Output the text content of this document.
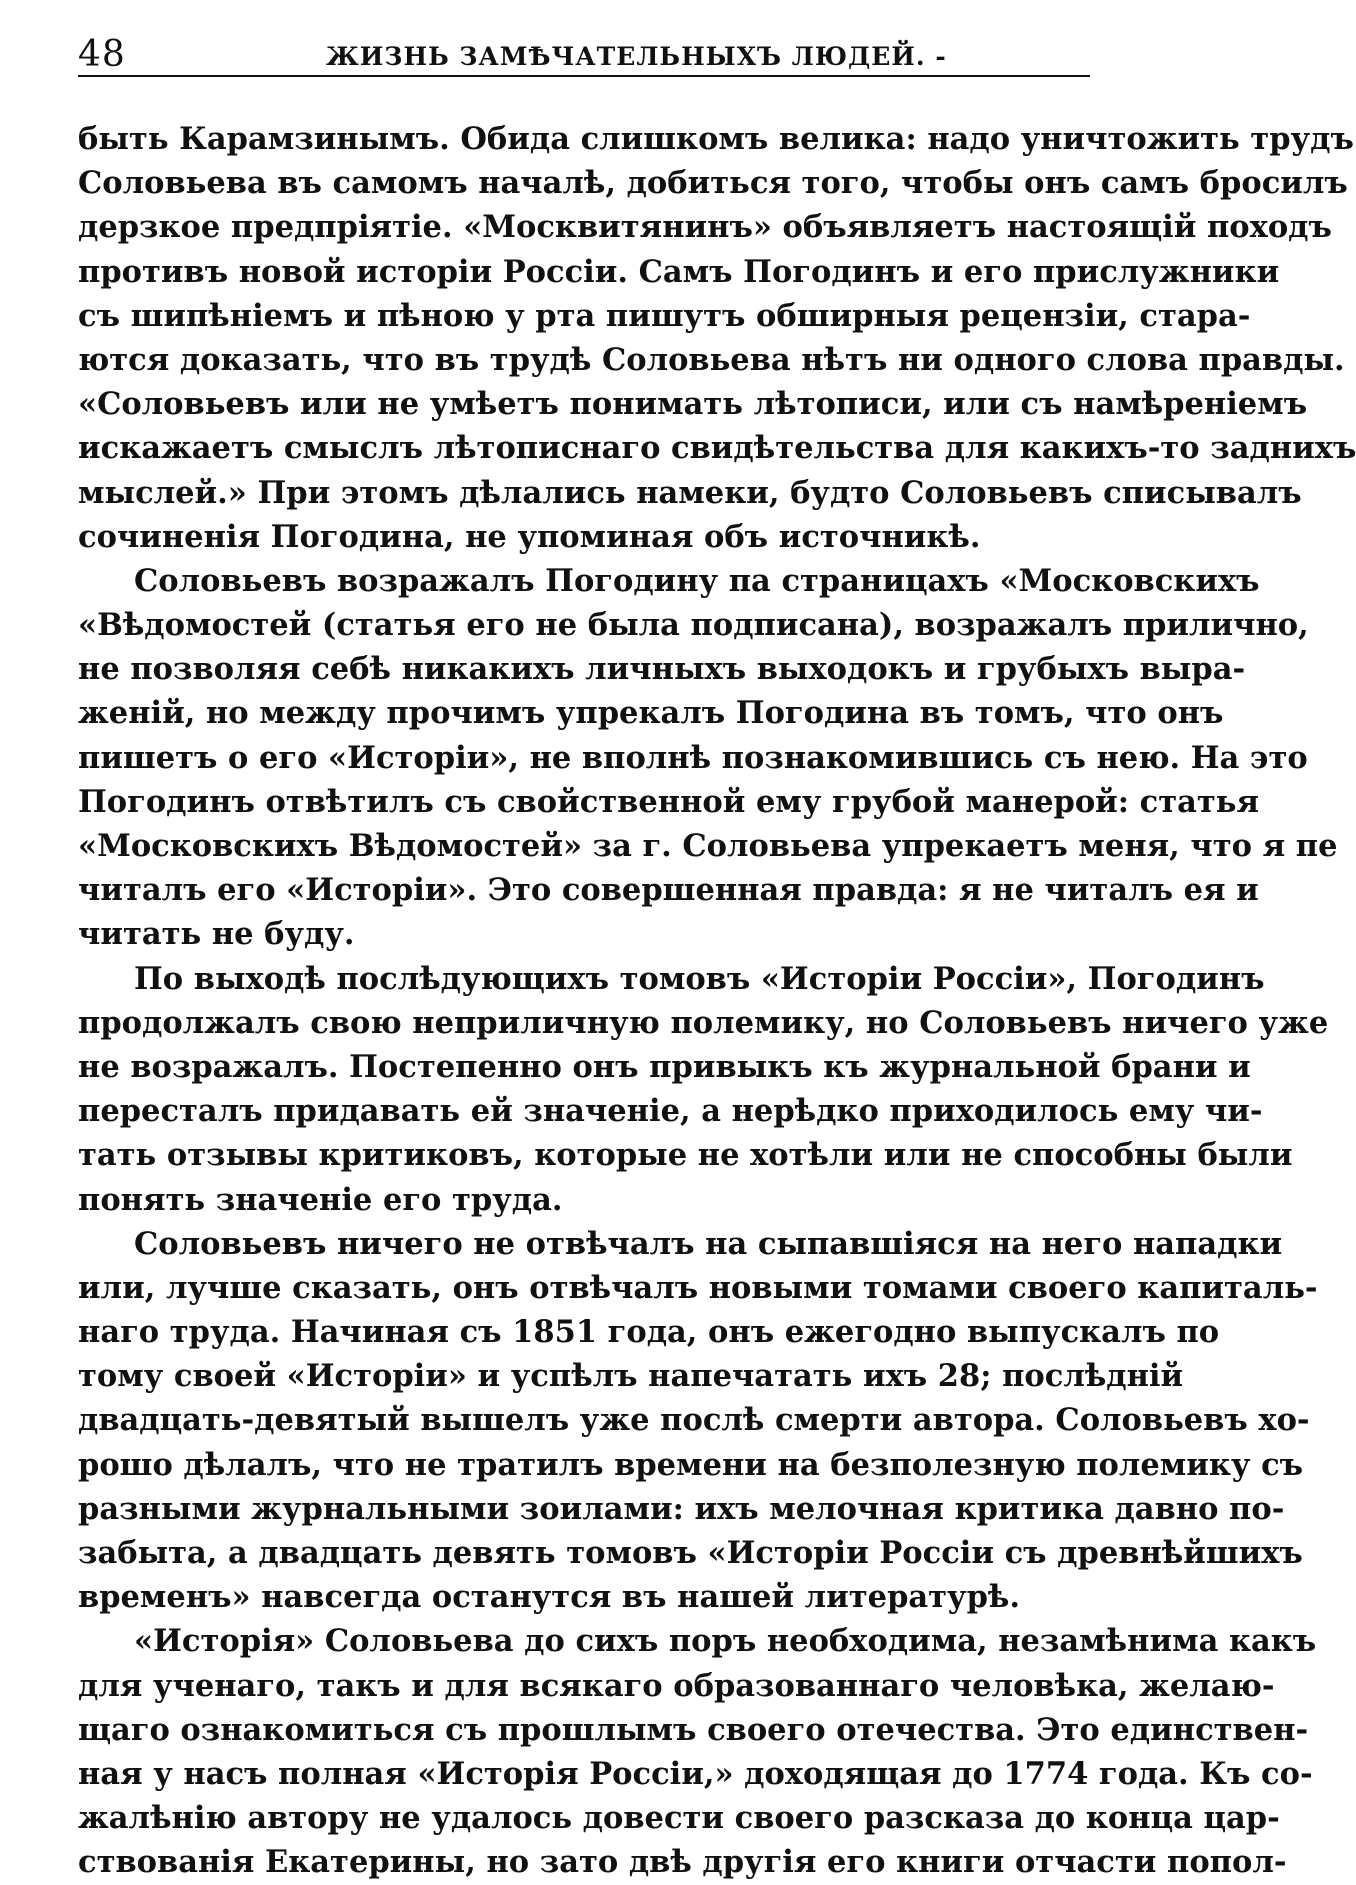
48	ЖИЗНЬ ЗАМѢЧАТЕЛЬНЫХЪ ЛЮДЕЙ. -

быть Карамзинымъ. Обида слишкомъ велика: надо уничтожить трудъ
Соловьева въ самомъ началѣ, добиться того, чтобы онъ самъ бросилъ
дерзкое предпріятіе. «Москвитянинъ» объявляетъ настоящій походъ
противъ новой исторіи Россіи. Самъ Погодинъ и его прислужники
съ шипѣніемъ и пѣною у рта пишутъ обширныя рецензіи, стара-
ются доказать, что въ трудѣ Соловьева нѣтъ ни одного слова правды.
«Соловьевъ или не умѣетъ понимать лѣтописи, или съ намѣреніемъ
искажаетъ смыслъ лѣтописнаго свидѣтельства для какихъ-то заднихъ
мыслей.» При этомъ дѣлались намеки, будто Соловьевъ списывалъ
сочиненія Погодина, не упоминая объ источникѣ.

Соловьевъ возражалъ Погодину па страницахъ «Московскихъ
«Вѣдомостей (статья его не была подписана), возражалъ прилично,
не позволяя себѣ никакихъ личныхъ выходокъ и грубыхъ выра-
женій, но между прочимъ упрекалъ Погодина въ томъ, что онъ
пишетъ о его «Исторіи», не вполнѣ познакомившись съ нею. На это
Погодинъ отвѣтилъ съ свойственной ему грубой манерой: статья
«Московскихъ Вѣдомостей» за г. Соловьева упрекаетъ меня, что я пе
читалъ его «Исторіи». Это совершенная правда: я не читалъ ея и
читать не буду.

По выходѣ послѣдующихъ томовъ «Исторіи Россіи», Погодинъ
продолжалъ свою неприличную полемику, но Соловьевъ ничего уже
не возражалъ. Постепенно онъ привыкъ къ журнальной брани и
пересталъ придавать ей значеніе, а нерѣдко приходилось ему чи-
тать отзывы критиковъ, которые не хотѣли или не способны были
понять значеніе его труда.

Соловьевъ ничего не отвѣчалъ на сыпавшіяся на него нападки
или, лучше сказать, онъ отвѣчалъ новыми томами своего капиталь-
наго труда. Начиная съ 1851 года, онъ ежегодно выпускалъ по
тому своей «Исторіи» и успѣлъ напечатать ихъ 28; послѣдній
двадцать-девятый вышелъ уже послѣ смерти автора. Соловьевъ хо-
рошо дѣлалъ, что не тратилъ времени на безполезную полемику съ
разными журнальными зоилами: ихъ мелочная критика давно по-
забыта, а двадцать девять томовъ «Исторіи Россіи съ древнѣйшихъ
временъ» навсегда останутся въ нашей литературѣ.

«Исторія» Соловьева до сихъ поръ необходима, незамѣнима какъ
для ученаго, такъ и для всякаго образованнаго человѣка, желаю-
щаго ознакомиться съ прошлымъ своего отечества. Это единствен-
ная у насъ полная «Исторія Россіи,» доходящая до 1774 года. Къ со-
жалѣнію автору не удалось довести своего разсказа до конца цар-
ствованія Екатерины, но зато двѣ другія его книги отчасти попол-
